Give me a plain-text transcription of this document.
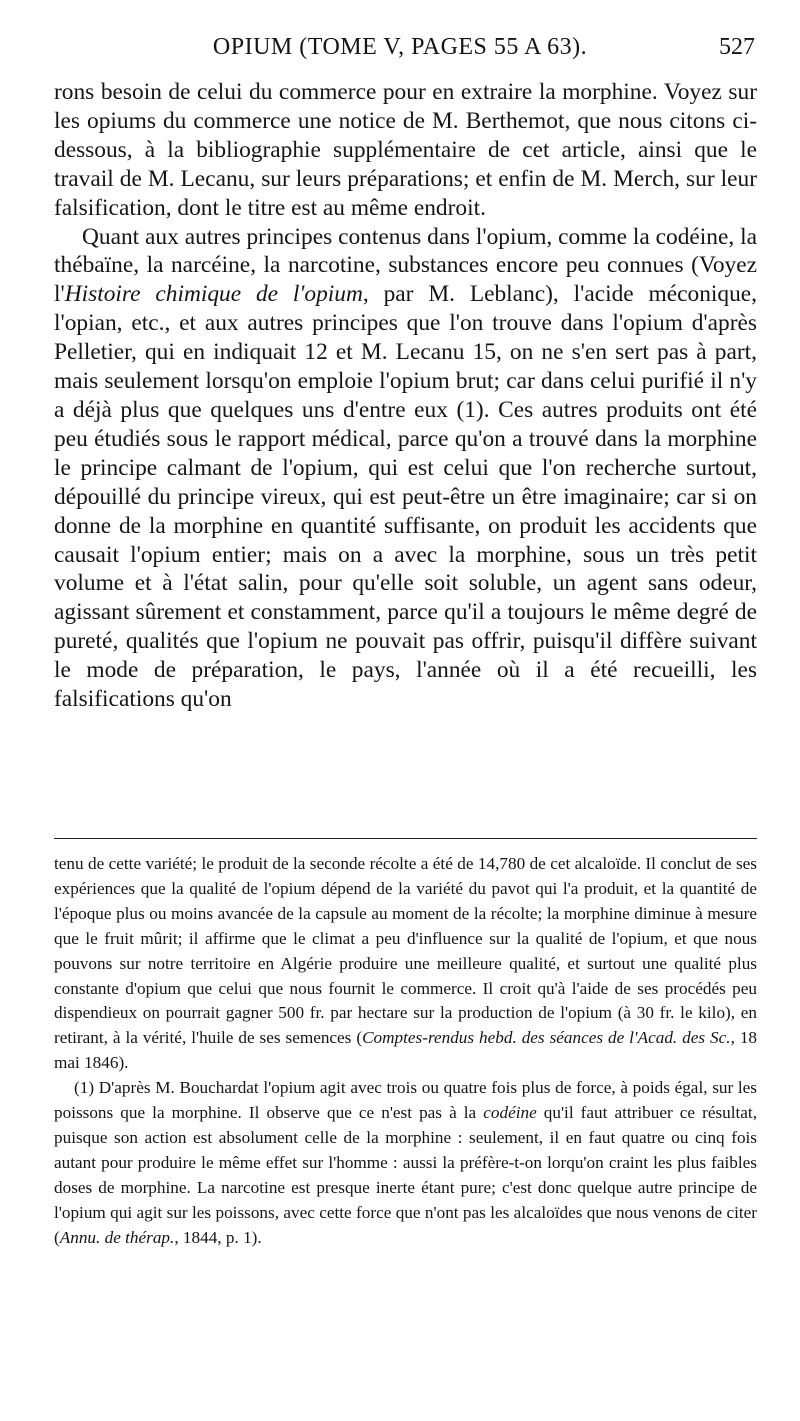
OPIUM (TOME V, PAGES 55 A 63).	527

rons besoin de celui du commerce pour en extraire la morphine. Voyez sur les opiums du commerce une notice de M. Berthemot, que nous citons ci-dessous, à la bibliographie supplémentaire de cet article, ainsi que le travail de M. Lecanu, sur leurs préparations; et enfin de M. Merch, sur leur falsification, dont le titre est au même endroit.

Quant aux autres principes contenus dans l'opium, comme la codéine, la thébaïne, la narcéine, la narcotine, substances encore peu connues (Voyez l'Histoire chimique de l'opium, par M. Leblanc), l'acide méconique, l'opian, etc., et aux autres principes que l'on trouve dans l'opium d'après Pelletier, qui en indiquait 12 et M. Lecanu 15, on ne s'en sert pas à part, mais seulement lorsqu'on emploie l'opium brut; car dans celui purifié il n'y a déjà plus que quelques uns d'entre eux (1). Ces autres produits ont été peu étudiés sous le rapport médical, parce qu'on a trouvé dans la morphine le principe calmant de l'opium, qui est celui que l'on recherche surtout, dépouillé du principe vireux, qui est peut-être un être imaginaire; car si on donne de la morphine en quantité suffisante, on produit les accidents que causait l'opium entier; mais on a avec la morphine, sous un très petit volume et à l'état salin, pour qu'elle soit soluble, un agent sans odeur, agissant sûrement et constamment, parce qu'il a toujours le même degré de pureté, qualités que l'opium ne pouvait pas offrir, puisqu'il diffère suivant le mode de préparation, le pays, l'année où il a été recueilli, les falsifications qu'on

tenu de cette variété; le produit de la seconde récolte a été de 14,780 de cet alcaloïde. Il conclut de ses expériences que la qualité de l'opium dépend de la variété du pavot qui l'a produit, et la quantité de l'époque plus ou moins avancée de la capsule au moment de la récolte; la morphine diminue à mesure que le fruit mûrit; il affirme que le climat a peu d'influence sur la qualité de l'opium, et que nous pouvons sur notre territoire en Algérie produire une meilleure qualité, et surtout une qualité plus constante d'opium que celui que nous fournit le commerce. Il croit qu'à l'aide de ses procédés peu dispendieux on pourrait gagner 500 fr. par hectare sur la production de l'opium (à 30 fr. le kilo), en retirant, à la vérité, l'huile de ses semences (Comptes-rendus hebd. des séances de l'Acad. des Sc., 18 mai 1846).

(1) D'après M. Bouchardat l'opium agit avec trois ou quatre fois plus de force, à poids égal, sur les poissons que la morphine. Il observe que ce n'est pas à la codéine qu'il faut attribuer ce résultat, puisque son action est absolument celle de la morphine : seulement, il en faut quatre ou cinq fois autant pour produire le même effet sur l'homme : aussi la préfère-t-on lorqu'on craint les plus faibles doses de morphine. La narcotine est presque inerte étant pure; c'est donc quelque autre principe de l'opium qui agit sur les poissons, avec cette force que n'ont pas les alcaloïdes que nous venons de citer (Annu. de thérap., 1844, p. 1).
